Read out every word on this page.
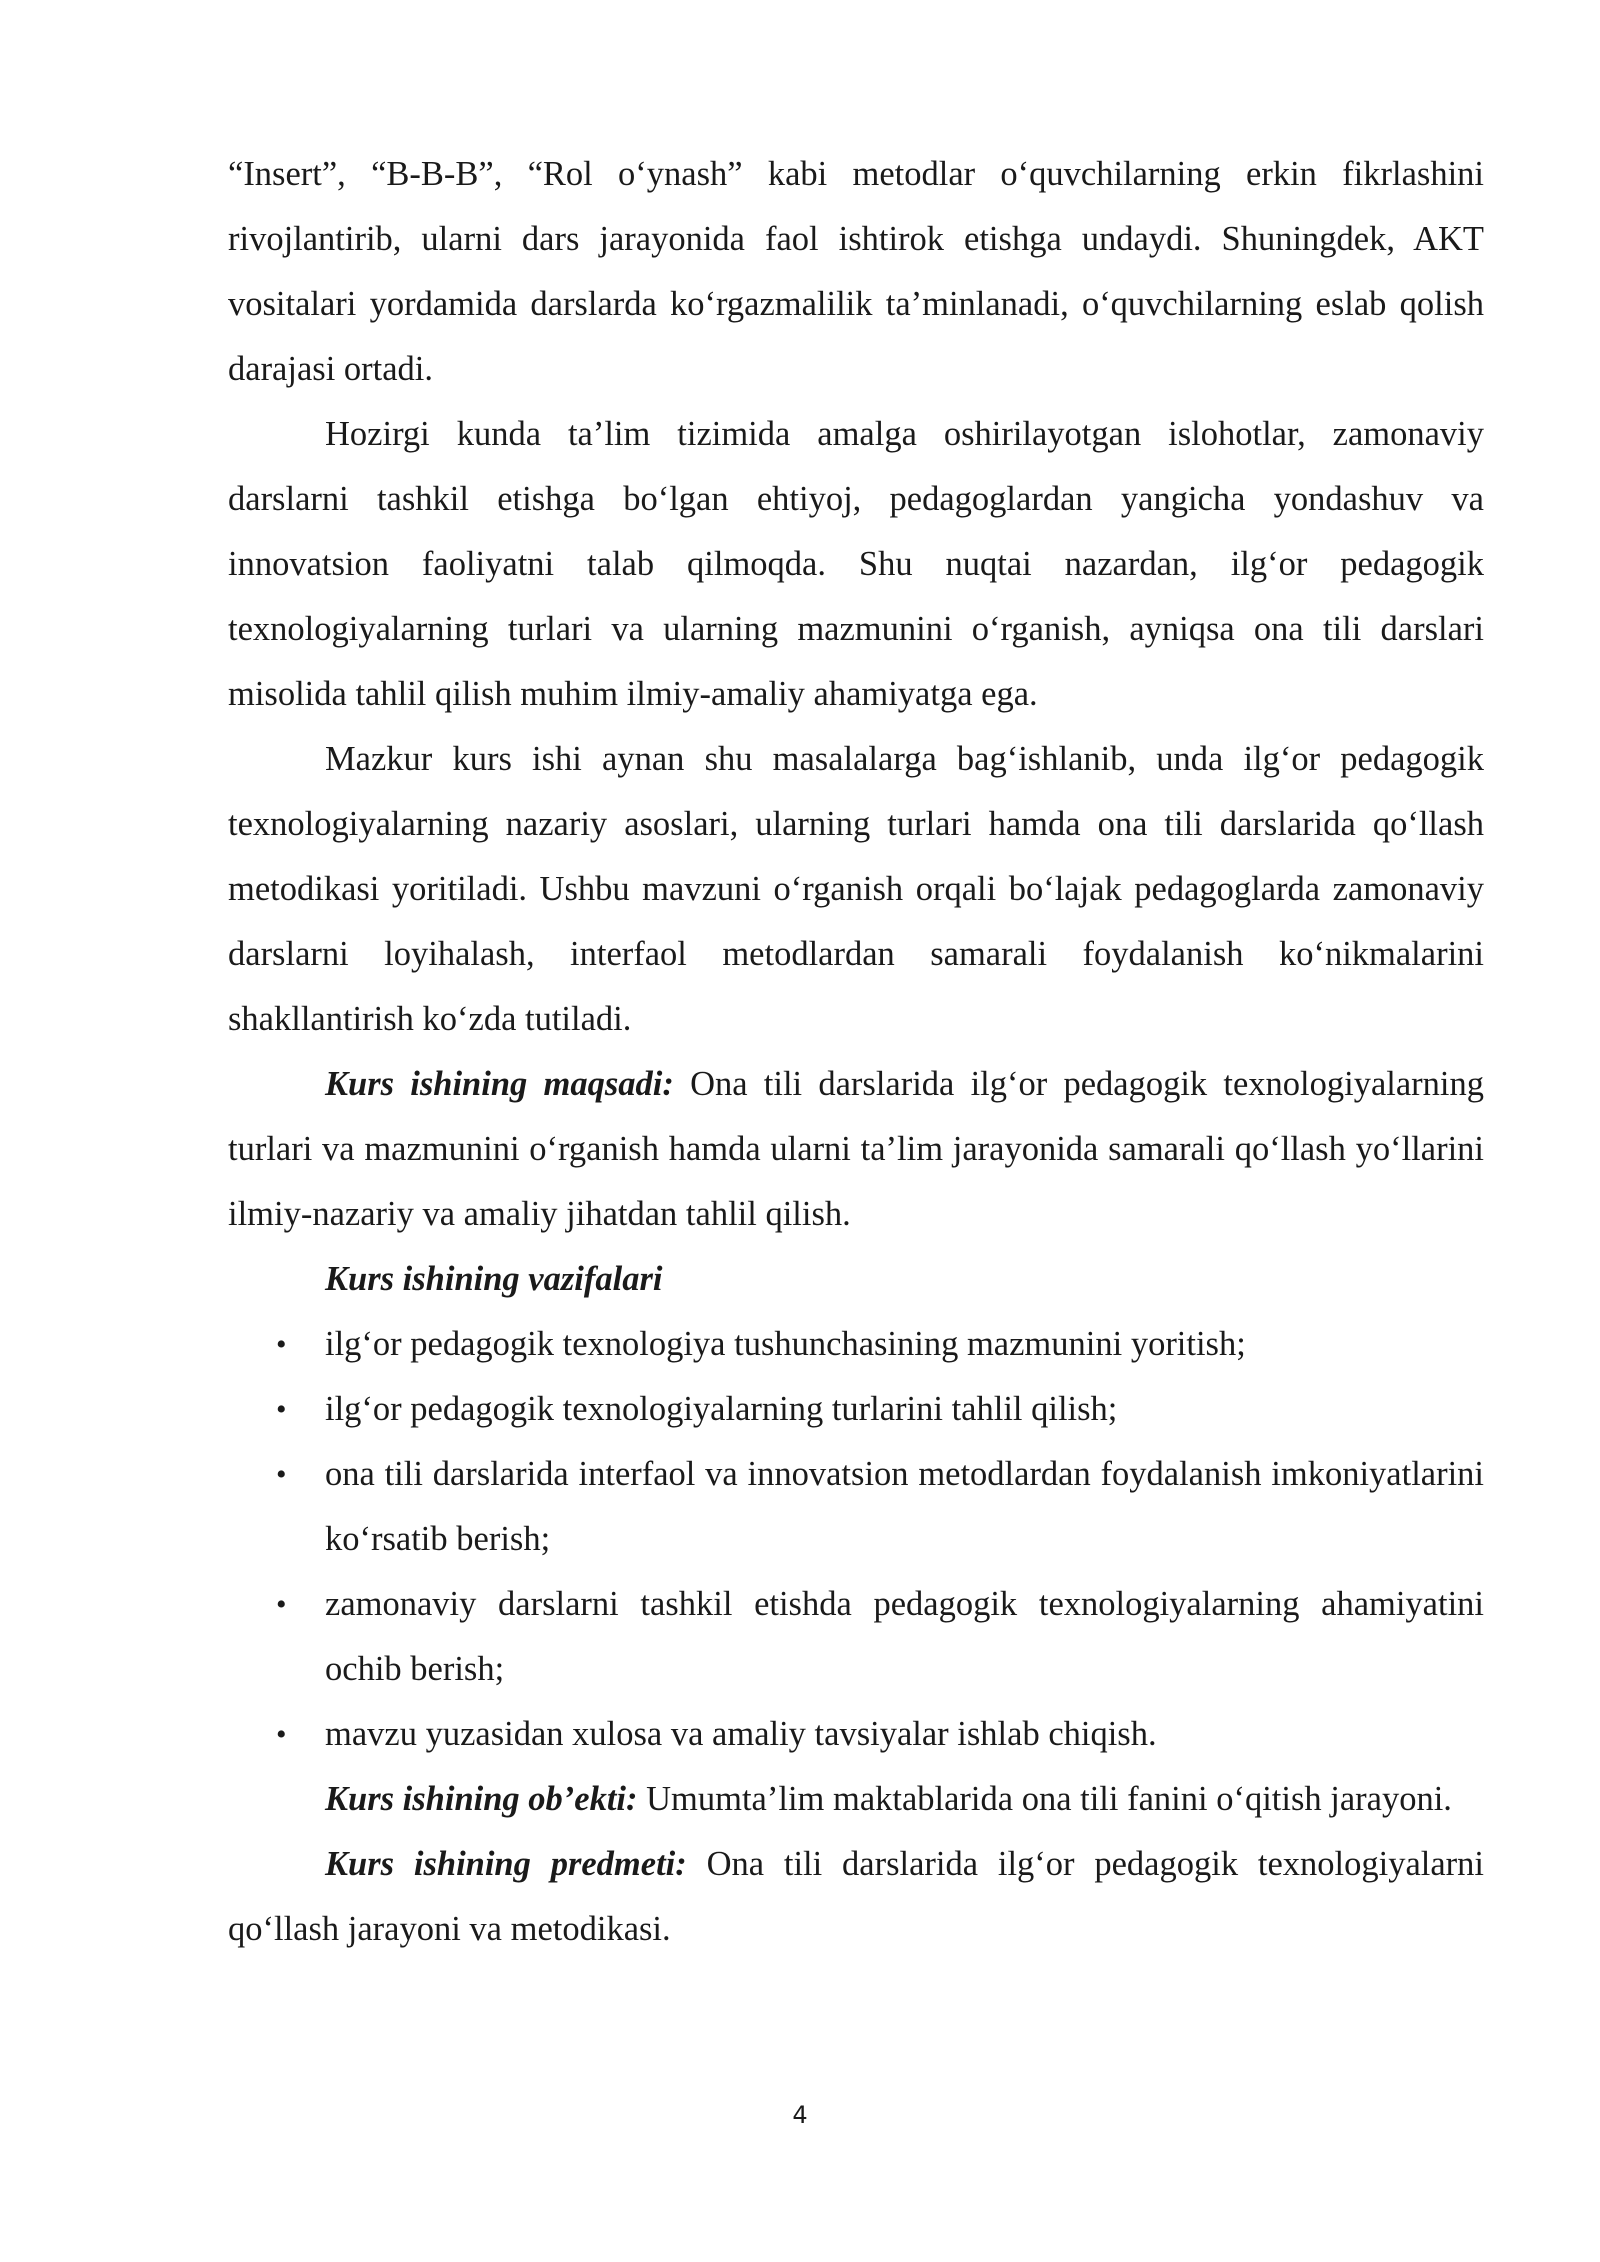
“Insert”, “B-B-B”, “Rol o‘ynash” kabi metodlar o‘quvchilarning erkin fikrlashini rivojlantirib, ularni dars jarayonida faol ishtirok etishga undaydi. Shuningdek, AKT vositalari yordamida darslarda ko‘rgazmalilik ta’minlanadi, o‘quvchilarning eslab qolish darajasi ortadi.

Hozirgi kunda ta’lim tizimida amalga oshirilayotgan islohotlar, zamonaviy darslarni tashkil etishga bo‘lgan ehtiyoj, pedagoglardan yangicha yondashuv va innovatsion faoliyatni talab qilmoqda. Shu nuqtai nazardan, ilg‘or pedagogik texnologiyalarning turlari va ularning mazmunini o‘rganish, ayniqsa ona tili darslari misolida tahlil qilish muhim ilmiy-amaliy ahamiyatga ega.

Mazkur kurs ishi aynan shu masalalarga bag‘ishlanib, unda ilg‘or pedagogik texnologiyalarning nazariy asoslari, ularning turlari hamda ona tili darslarida qo‘llash metodikasi yoritiladi. Ushbu mavzuni o‘rganish orqali bo‘lajak pedagoglarda zamonaviy darslarni loyihalash, interfaol metodlardan samarali foydalanish ko‘nikmalarini shakllantirish ko‘zda tutiladi.

Kurs ishining maqsadi: Ona tili darslarida ilg‘or pedagogik texnologiyalarning turlari va mazmunini o‘rganish hamda ularni ta’lim jarayonida samarali qo‘llash yo‘llarini ilmiy-nazariy va amaliy jihatdan tahlil qilish.

Kurs ishining vazifalari

• ilg‘or pedagogik texnologiya tushunchasining mazmunini yoritish;
• ilg‘or pedagogik texnologiyalarning turlarini tahlil qilish;
• ona tili darslarida interfaol va innovatsion metodlardan foydalanish imkoniyatlarini ko‘rsatib berish;
• zamonaviy darslarni tashkil etishda pedagogik texnologiyalarning ahamiyatini ochib berish;
• mavzu yuzasidan xulosa va amaliy tavsiyalar ishlab chiqish.

Kurs ishining ob’ekti: Umumta’lim maktablarida ona tili fanini o‘qitish jarayoni.

Kurs ishining predmeti: Ona tili darslarida ilg‘or pedagogik texnologiyalarni qo‘llash jarayoni va metodikasi.

4
